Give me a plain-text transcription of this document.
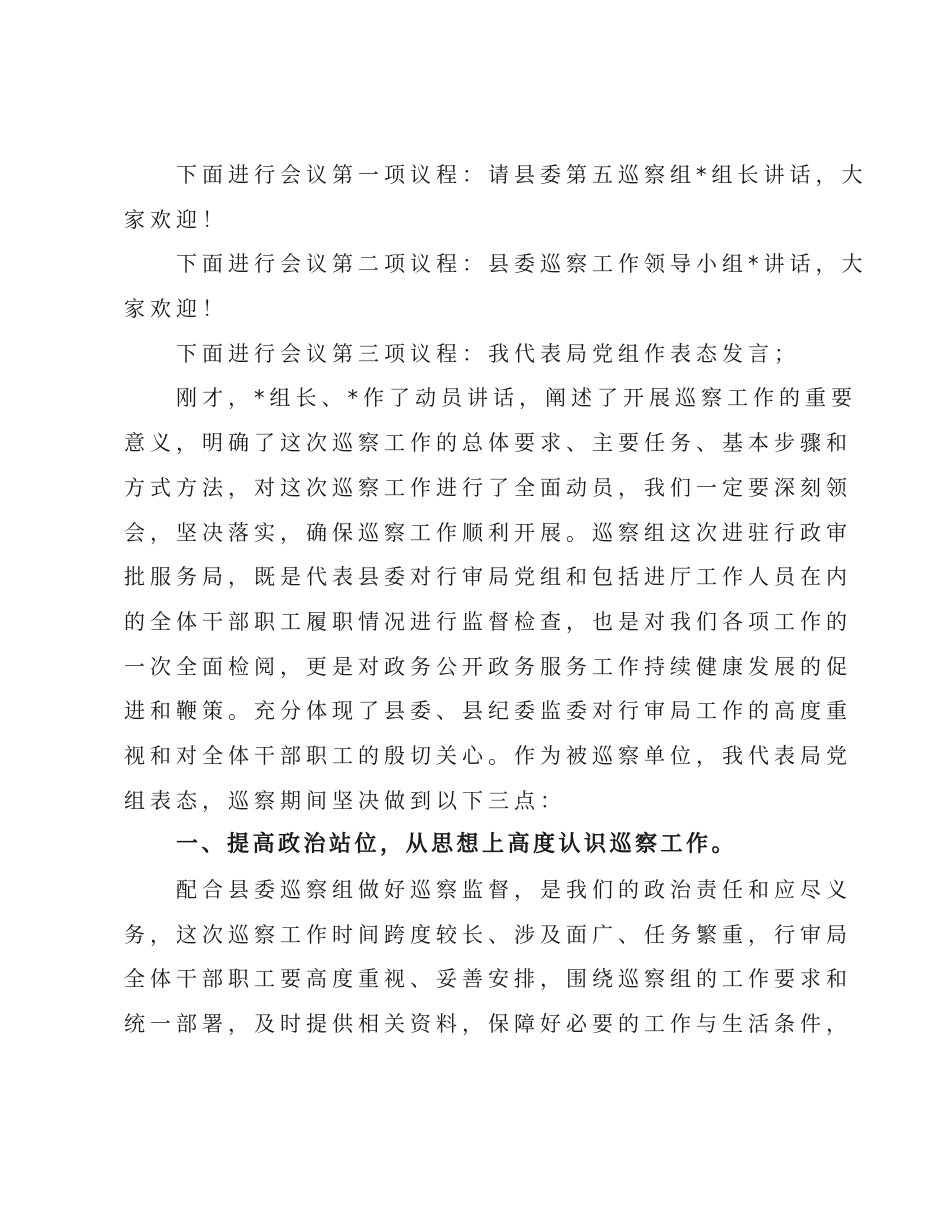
下面进行会议第一项议程：请县委第五巡察组*组长讲话，大
家欢迎！
下面进行会议第二项议程：县委巡察工作领导小组*讲话，大
家欢迎！
下面进行会议第三项议程：我代表局党组作表态发言；
刚才，*组长、*作了动员讲话，阐述了开展巡察工作的重要
意义，明确了这次巡察工作的总体要求、主要任务、基本步骤和
方式方法，对这次巡察工作进行了全面动员，我们一定要深刻领
会，坚决落实，确保巡察工作顺利开展。巡察组这次进驻行政审
批服务局，既是代表县委对行审局党组和包括进厅工作人员在内
的全体干部职工履职情况进行监督检查，也是对我们各项工作的
一次全面检阅，更是对政务公开政务服务工作持续健康发展的促
进和鞭策。充分体现了县委、县纪委监委对行审局工作的高度重
视和对全体干部职工的殷切关心。作为被巡察单位，我代表局党
组表态，巡察期间坚决做到以下三点：
一、提高政治站位，从思想上高度认识巡察工作。
配合县委巡察组做好巡察监督，是我们的政治责任和应尽义
务，这次巡察工作时间跨度较长、涉及面广、任务繁重，行审局
全体干部职工要高度重视、妥善安排，围绕巡察组的工作要求和
统一部署，及时提供相关资料，保障好必要的工作与生活条件，
